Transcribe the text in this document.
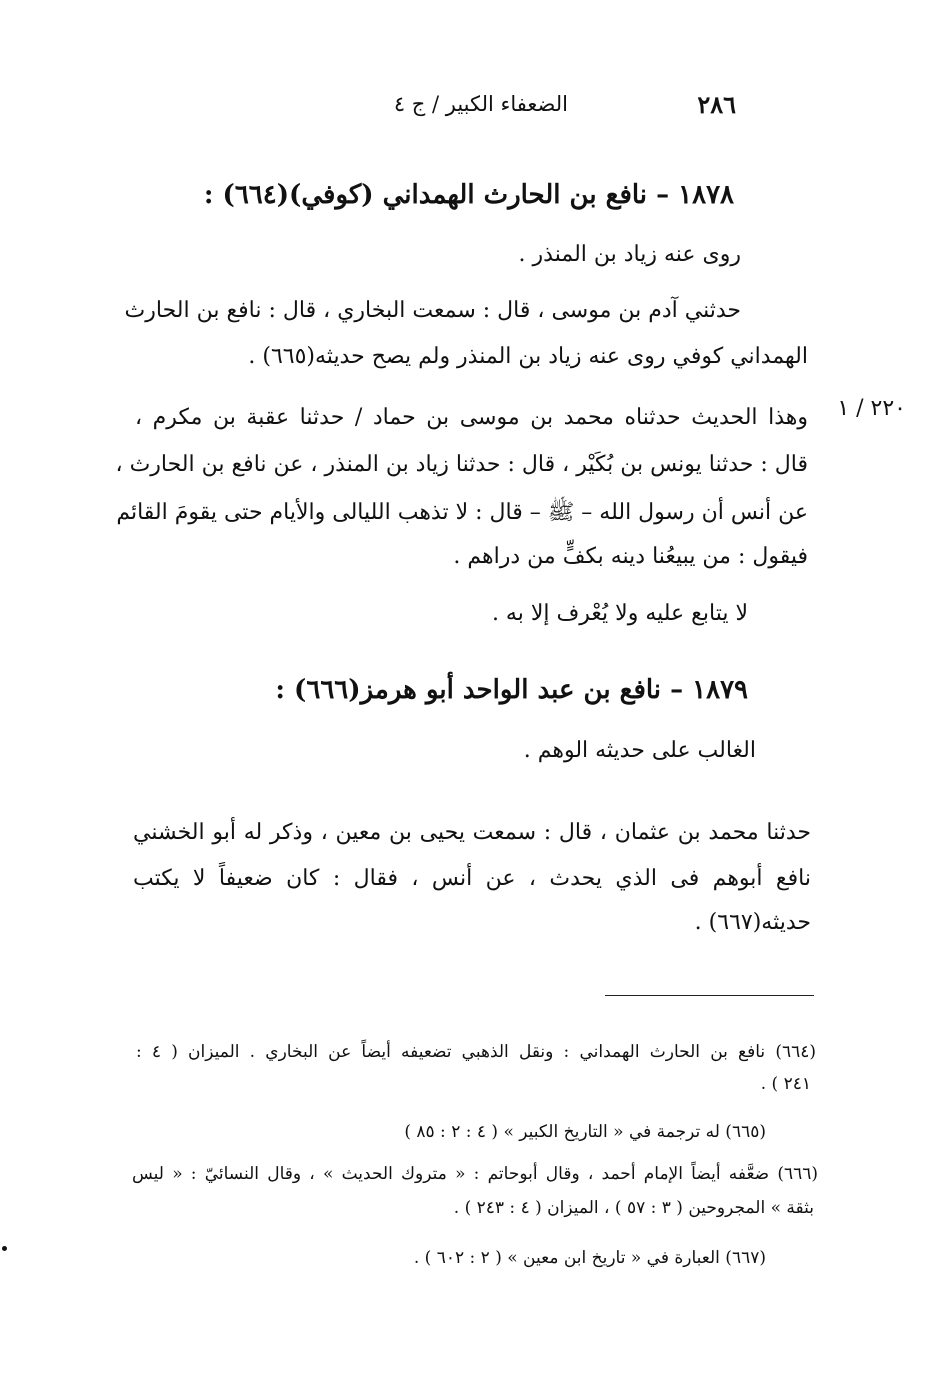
٢٨٦
الضعفاء الكبير / ج ٤
٢٢٠ / ١
١٨٧٨ – نافع بن الحارث الهمداني (كوفي)(٦٦٤) :
روى عنه زياد بن المنذر .
حدثني آدم بن موسى ، قال : سمعت البخاري ، قال : نافع بن الحارث
الهمداني كوفي روى عنه زياد بن المنذر ولم يصح حديثه(٦٦٥) .
وهذا الحديث حدثناه محمد بن موسى بن حماد / حدثنا عقبة بن مكرم ،
قال : حدثنا يونس بن بُكَيْر ، قال : حدثنا زياد بن المنذر ، عن نافع بن الحارث ،
عن أنس أن رسول الله – ﷺ – قال : لا تذهب الليالى والأيام حتى يقومَ القائم
فيقول : من يبيعُنا دينه بكفٍّ من دراهم .
لا يتابع عليه ولا يُعْرف إلا به .
١٨٧٩ – نافع بن عبد الواحد أبو هرمز(٦٦٦) :
الغالب على حديثه الوهم .
حدثنا محمد بن عثمان ، قال : سمعت يحيى بن معين ، وذكر له أبو الخشني
نافع أبوهم فى الذي يحدث ، عن أنس ، فقال : كان ضعيفاً لا يكتب
حديثه(٦٦٧) .
(٦٦٤) نافع بن الحارث الهمداني : ونقل الذهبي تضعيفه أيضاً عن البخاري . الميزان ( ٤ :
٢٤١ ) .
(٦٦٥) له ترجمة في « التاريخ الكبير » ( ٤ : ٢ : ٨٥ )
(٦٦٦) ضعَّفه أيضاً الإمام أحمد ، وقال أبوحاتم : « متروك الحديث » ، وقال النسائيّ : « ليس
بثقة » المجروحين ( ٣ : ٥٧ ) ، الميزان ( ٤ : ٢٤٣ ) .
(٦٦٧) العبارة في « تاريخ ابن معين » ( ٢ : ٦٠٢ ) .
